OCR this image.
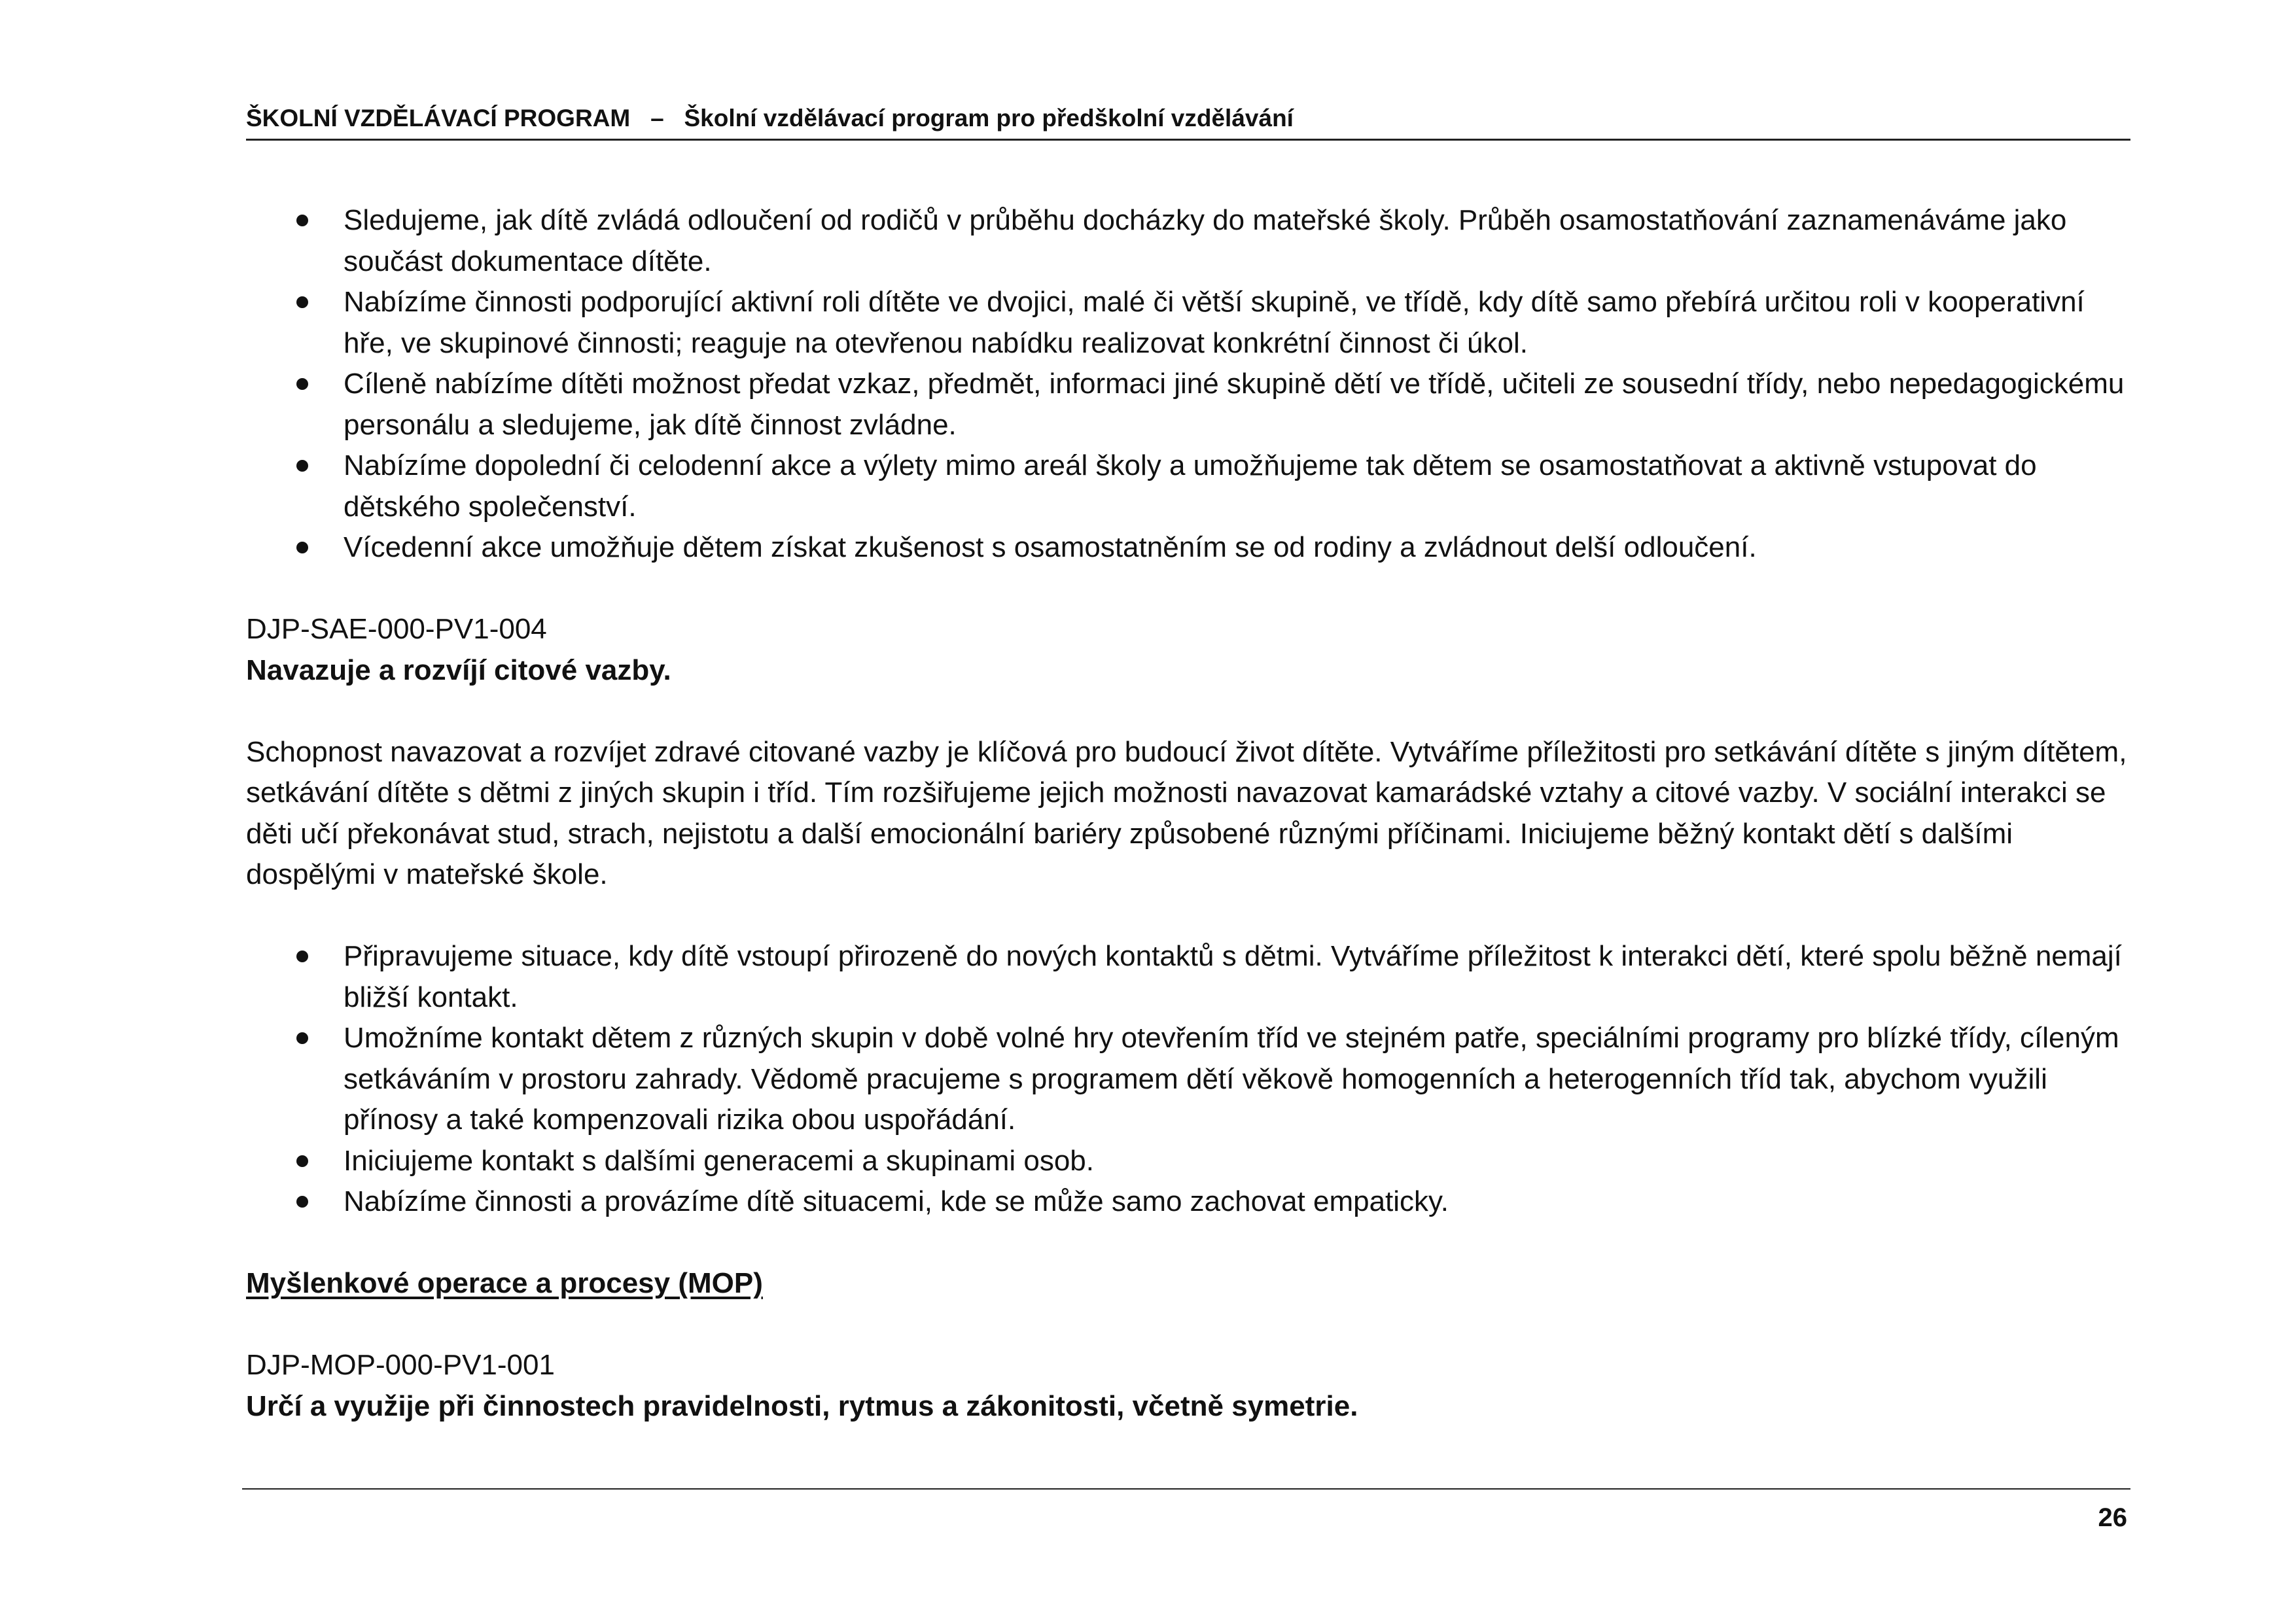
ŠKOLNÍ VZDĚLÁVACÍ PROGRAM – Školní vzdělávací program pro předškolní vzdělávání
Sledujeme, jak dítě zvládá odloučení od rodičů v průběhu docházky do mateřské školy. Průběh osamostatňování zaznamenáváme jako součást dokumentace dítěte.
Nabízíme činnosti podporující aktivní roli dítěte ve dvojici, malé či větší skupině, ve třídě, kdy dítě samo přebírá určitou roli v kooperativní hře, ve skupinové činnosti; reaguje na otevřenou nabídku realizovat konkrétní činnost či úkol.
Cíleně nabízíme dítěti možnost předat vzkaz, předmět, informaci jiné skupině dětí ve třídě, učiteli ze sousední třídy, nebo nepedagogickému personálu a sledujeme, jak dítě činnost zvládne.
Nabízíme dopolední či celodenní akce a výlety mimo areál školy a umožňujeme tak dětem se osamostatňovat a aktivně vstupovat do dětského společenství.
Vícedenní akce umožňuje dětem získat zkušenost s osamostatněním se od rodiny a zvládnout delší odloučení.
DJP-SAE-000-PV1-004
Navazuje a rozvíjí citové vazby.
Schopnost navazovat a rozvíjet zdravé citované vazby je klíčová pro budoucí život dítěte. Vytváříme příležitosti pro setkávání dítěte s jiným dítětem, setkávání dítěte s dětmi z jiných skupin i tříd. Tím rozšiřujeme jejich možnosti navazovat kamarádské vztahy a citové vazby. V sociální interakci se děti učí překonávat stud, strach, nejistotu a další emocionální bariéry způsobené různými příčinami. Iniciujeme běžný kontakt dětí s dalšími dospělými v mateřské škole.
Připravujeme situace, kdy dítě vstoupí přirozeně do nových kontaktů s dětmi. Vytváříme příležitost k interakci dětí, které spolu běžně nemají bližší kontakt.
Umožníme kontakt dětem z různých skupin v době volné hry otevřením tříd ve stejném patře, speciálními programy pro blízké třídy, cíleným setkáváním v prostoru zahrady. Vědomě pracujeme s programem dětí věkově homogenních a heterogenních tříd tak, abychom využili přínosy a také kompenzovali rizika obou uspořádání.
Iniciujeme kontakt s dalšími generacemi a skupinami osob.
Nabízíme činnosti a provázíme dítě situacemi, kde se může samo zachovat empaticky.
Myšlenkové operace a procesy (MOP)
DJP-MOP-000-PV1-001
Určí a využije při činnostech pravidelnosti, rytmus a zákonitosti, včetně symetrie.
26
